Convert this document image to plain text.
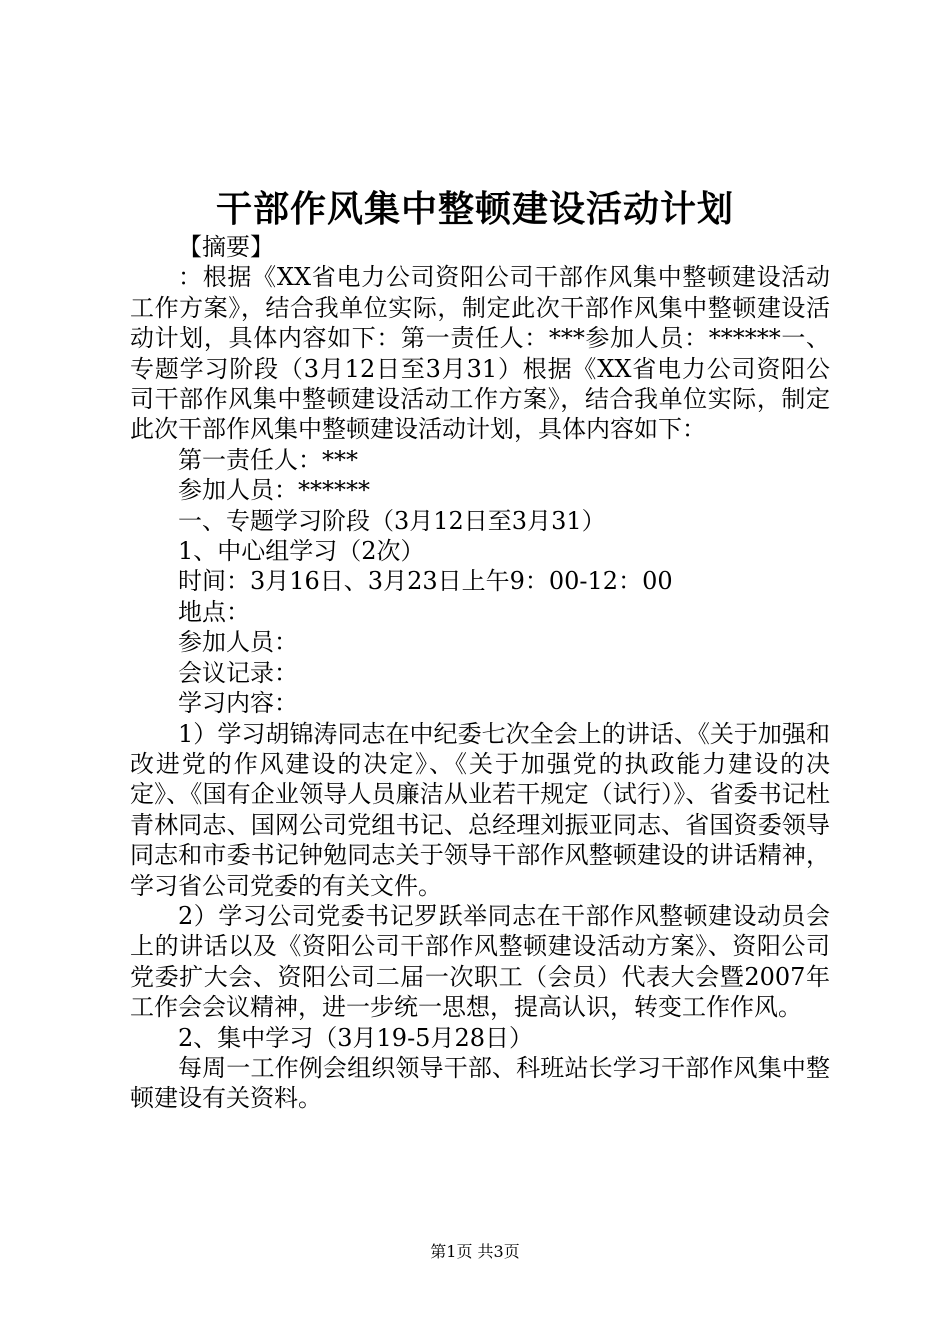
干部作风集中整顿建设活动计划

【摘要】

：根据《XX省电力公司资阳公司干部作风集中整顿建设活动工作方案》，结合我单位实际，制定此次干部作风集中整顿建设活动计划，具体内容如下：第一责任人：***参加人员：******一、专题学习阶段（3月12日至3月31）根据《XX省电力公司资阳公司干部作风集中整顿建设活动工作方案》，结合我单位实际，制定此次干部作风集中整顿建设活动计划，具体内容如下：

第一责任人：***

参加人员：******

一、专题学习阶段（3月12日至3月31）

1、中心组学习（2次）

时间：3月16日、3月23日上午9：00-12：00

地点：

参加人员：

会议记录：

学习内容：

1）学习胡锦涛同志在中纪委七次全会上的讲话、《关于加强和改进党的作风建设的决定》、《关于加强党的执政能力建设的决定》、《国有企业领导人员廉洁从业若干规定（试行）》、省委书记杜青林同志、国网公司党组书记、总经理刘振亚同志、省国资委领导同志和市委书记钟勉同志关于领导干部作风整顿建设的讲话精神，学习省公司党委的有关文件。

2）学习公司党委书记罗跃举同志在干部作风整顿建设动员会上的讲话以及《资阳公司干部作风整顿建设活动方案》、资阳公司党委扩大会、资阳公司二届一次职工（会员）代表大会暨2007年工作会会议精神，进一步统一思想，提高认识，转变工作作风。

2、集中学习（3月19-5月28日）

每周一工作例会组织领导干部、科班站长学习干部作风集中整顿建设有关资料。

第1页 共3页
